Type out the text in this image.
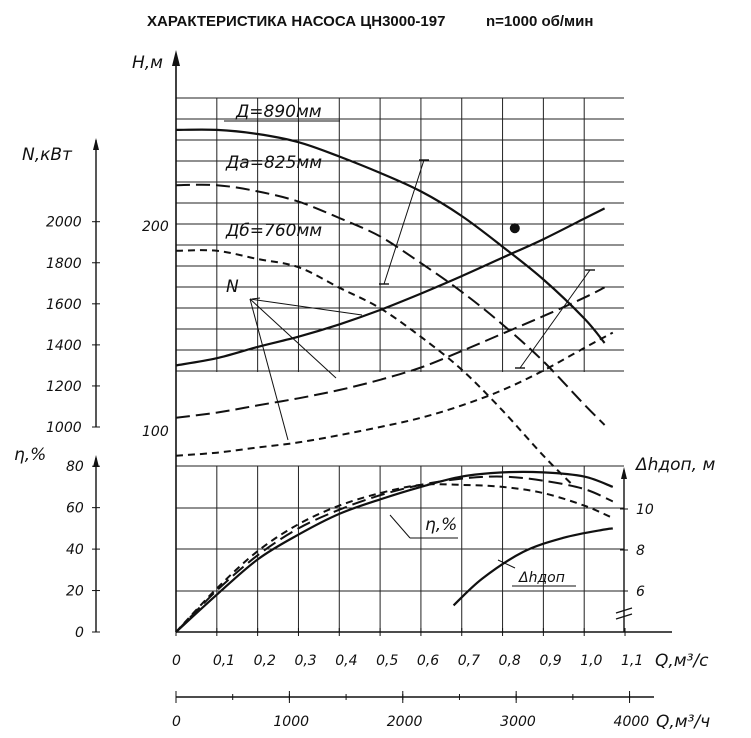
ХАРАКТЕРИСТИКА НАСОСА ЦН3000-197	n=1000 об/мин
0 0,1 0,2 0,3 0,4 0,5 0,6 0,7 0,8 0,9 1,0 1,1
0	1000	2000	3000	4000
100
200
1000
1200
1400
1600
1800
2000
0
20
40
60
80
6
8
10
Н,м
N,кВт
η,%	Δhдоп, м
Q,м³/с
Q,м³/ч
Д=890мм
Дa=825мм
Дб=760мм
N
η,%
Δhдоп
